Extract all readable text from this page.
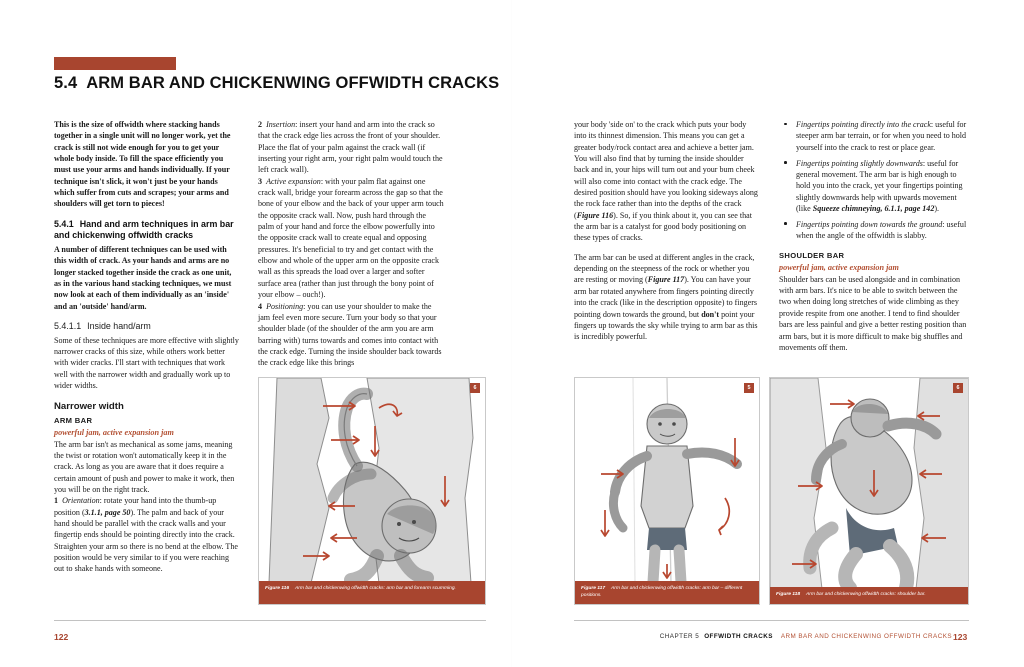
5.4 ARM BAR AND CHICKENWING OFFWIDTH CRACKS

This is the size of offwidth where stacking hands together in a single unit will no longer work, yet the crack is still not wide enough for you to get your whole body inside. To fill the space efficiently you must use your arms and hands individually. If your technique isn't slick, it won't just be your hands which suffer from cuts and scrapes; your arms and shoulders will get torn to pieces!

5.4.1 Hand and arm techniques in arm bar and chickenwing offwidth cracks

A number of different techniques can be used with this width of crack. As your hands and arms are no longer stacked together inside the crack as one unit, as in the various hand stacking techniques, we must now look at each of them individually as an 'inside' and an 'outside' hand/arm.

5.4.1.1 Inside hand/arm

Some of these techniques are more effective with slightly narrower cracks of this size, while others work better with wider cracks. I'll start with techniques that work well with the narrower width and gradually work up to wider widths.

Narrower width
ARM BAR
powerful jam, active expansion jam

The arm bar isn't as mechanical as some jams, meaning the twist or rotation won't automatically keep it in the crack. As long as you are aware that it does require a certain amount of push and power to make it work, then you will be on the right track.

1 Orientation: rotate your hand into the thumb-up position (3.1.1, page 50). The palm and back of your hand should be parallel with the crack walls and your fingertip ends should be pointing directly into the crack. Straighten your arm so there is no bend at the elbow. The position would be very similar to if you were reaching out to shake hands with someone.

2 Insertion: insert your hand and arm into the crack so that the crack edge lies across the front of your shoulder. Place the flat of your palm against the crack wall (if inserting your right arm, your right palm would touch the left crack wall).

3 Active expansion: with your palm flat against one crack wall, bridge your forearm across the gap so that the bone of your elbow and the back of your upper arm touch the opposite crack wall. Now, push hard through the palm of your hand and force the elbow powerfully into the opposite crack wall to create equal and opposing pressures. It's beneficial to try and get contact with the elbow and whole of the upper arm on the opposite crack wall as this spreads the load over a larger and softer surface area (rather than just through the bony point of your elbow – ouch!).

4 Positioning: you can use your shoulder to make the jam feel even more secure. Turn your body so that your shoulder blade (of the shoulder of the arm you are arm barring with) turns towards and comes into contact with the crack edge. Turning the inside shoulder back towards the crack edge like this brings

your body 'side on' to the crack which puts your body into its thinnest dimension. This means you can get a greater body/rock contact area and achieve a better jam. You will also find that by turning the inside shoulder back and in, your hips will turn out and your bum cheek will also come into contact with the crack edge. The desired position should have you looking sideways along the rock face rather than into the depths of the crack (Figure 116). So, if you think about it, you can see that the arm bar is a catalyst for good body positioning on these types of cracks.

The arm bar can be used at different angles in the crack, depending on the steepness of the rock or whether you are resting or moving (Figure 117). You can have your arm bar rotated anywhere from fingers pointing directly into the crack (like in the description opposite) to fingers pointing down towards the ground, but don't point your fingers up towards the sky while trying to arm bar as this is incredibly powerful.

Fingertips pointing directly into the crack: useful for steeper arm bar terrain, or for when you need to hold yourself into the crack to rest or place gear.
Fingertips pointing slightly downwards: useful for general movement. The arm bar is high enough to hold you into the crack, yet your fingertips pointing slightly downwards help with upwards movement (like Squeeze chimneying, 6.1.1, page 142).
Fingertips pointing down towards the ground: useful when the angle of the offwidth is slabby.
SHOULDER BAR
powerful jam, active expansion jam

Shoulder bars can be used alongside and in combination with arm bars. It's nice to be able to switch between the two when doing long stretches of wide climbing as they provide respite from one another. I tend to find shoulder bars are less painful and give a better resting position than arm bars, but it is more difficult to make big shuffles and movements off them.

6
Figure 116 Arm bar and chickenwing offwidth cracks: arm bar and forearm scumming.
5
Figure 117 Arm bar and chickenwing offwidth cracks: arm bar – different positions.
6
Figure 118 Arm bar and chickenwing offwidth cracks: shoulder bar.
122	123
CHAPTER 5 OFFWIDTH CRACKS ARM BAR AND CHICKENWING OFFWIDTH CRACKS
